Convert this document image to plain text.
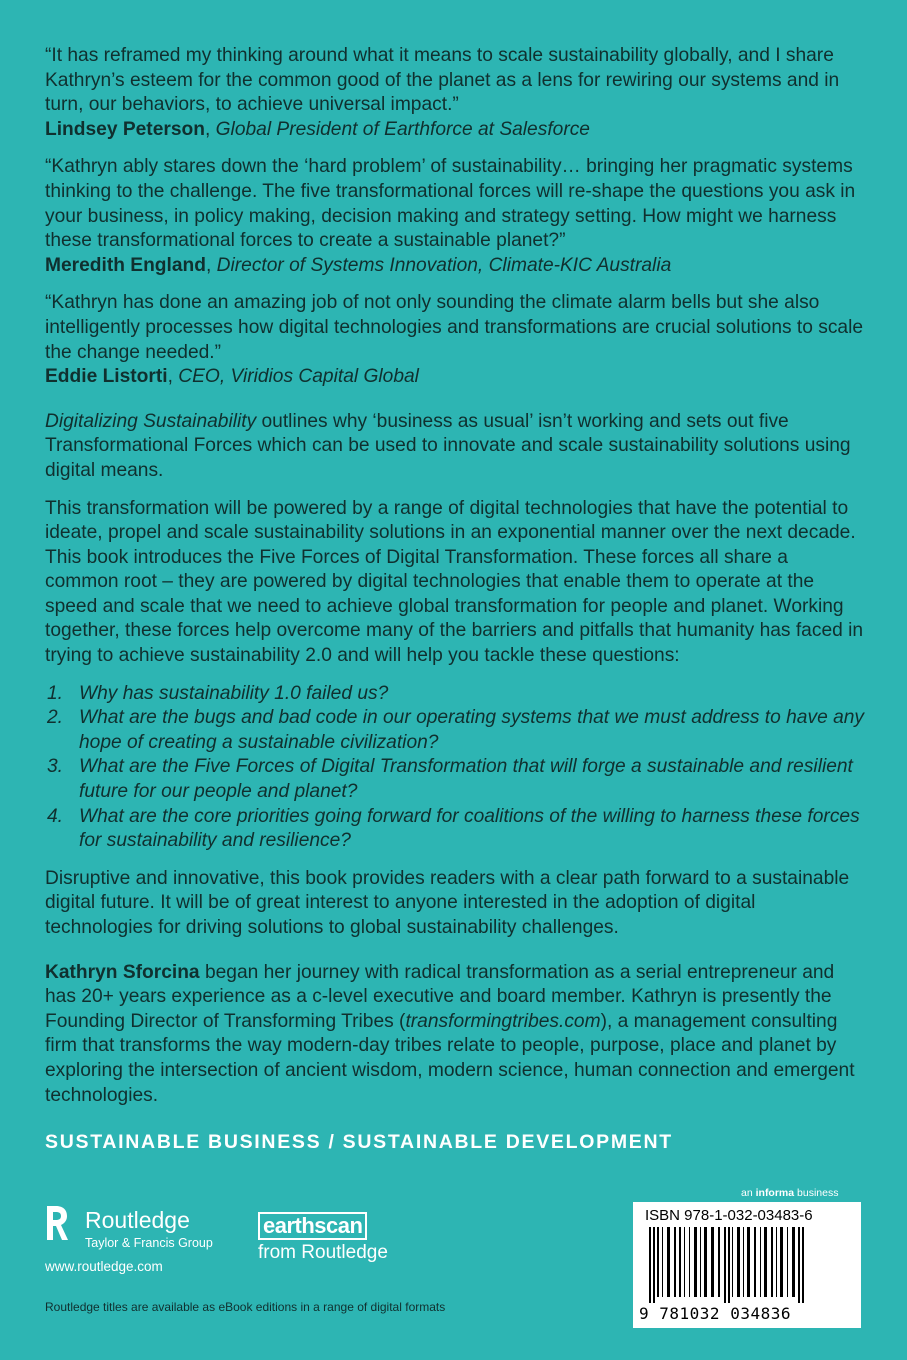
“It has reframed my thinking around what it means to scale sustainability globally, and I share Kathryn’s esteem for the common good of the planet as a lens for rewiring our systems and in turn, our behaviors, to achieve universal impact.”

Lindsey Peterson, Global President of Earthforce at Salesforce

“Kathryn ably stares down the ‘hard problem’ of sustainability… bringing her pragmatic systems thinking to the challenge. The five transformational forces will re-shape the questions you ask in your business, in policy making, decision making and strategy setting. How might we harness these transformational forces to create a sustainable planet?”

Meredith England, Director of Systems Innovation, Climate-KIC Australia

“Kathryn has done an amazing job of not only sounding the climate alarm bells but she also intelligently processes how digital technologies and transformations are crucial solutions to scale the change needed.”

Eddie Listorti, CEO, Viridios Capital Global

Digitalizing Sustainability outlines why ‘business as usual’ isn’t working and sets out five Transformational Forces which can be used to innovate and scale sustainability solutions using digital means.

This transformation will be powered by a range of digital technologies that have the potential to ideate, propel and scale sustainability solutions in an exponential manner over the next decade. This book introduces the Five Forces of Digital Transformation. These forces all share a common root – they are powered by digital technologies that enable them to operate at the speed and scale that we need to achieve global transformation for people and planet. Working together, these forces help overcome many of the barriers and pitfalls that humanity has faced in trying to achieve sustainability 2.0 and will help you tackle these questions:

1. Why has sustainability 1.0 failed us?
2. What are the bugs and bad code in our operating systems that we must address to have any hope of creating a sustainable civilization?
3. What are the Five Forces of Digital Transformation that will forge a sustainable and resilient future for our people and planet?
4. What are the core priorities going forward for coalitions of the willing to harness these forces for sustainability and resilience?

Disruptive and innovative, this book provides readers with a clear path forward to a sustainable digital future. It will be of great interest to anyone interested in the adoption of digital technologies for driving solutions to global sustainability challenges.

Kathryn Sforcina began her journey with radical transformation as a serial entrepreneur and has 20+ years experience as a c-level executive and board member. Kathryn is presently the Founding Director of Transforming Tribes (transformingtribes.com), a management consulting firm that transforms the way modern-day tribes relate to people, purpose, place and planet by exploring the intersection of ancient wisdom, modern science, human connection and emergent technologies.

SUSTAINABLE BUSINESS / SUSTAINABLE DEVELOPMENT
Routledge
Taylor & Francis Group
www.routledge.com
earthscan
from Routledge
Routledge titles are available as eBook editions in a range of digital formats
an informa business
ISBN 978-1-032-03483-6
9 781032 034836
